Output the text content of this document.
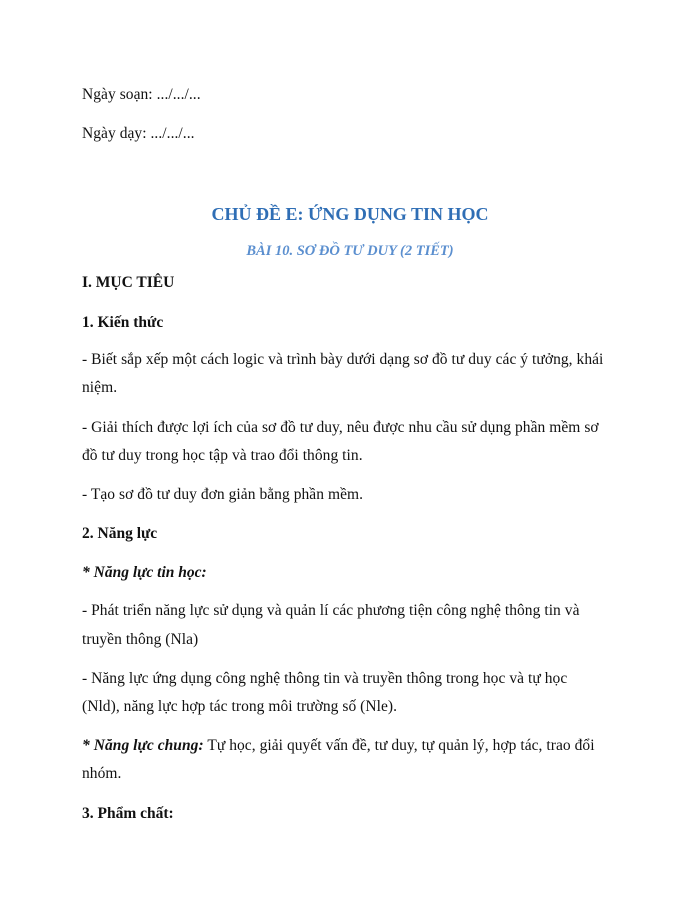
Ngày soạn: .../.../...
Ngày dạy: .../.../...
CHỦ ĐỀ E: ỨNG DỤNG TIN HỌC
BÀI 10. SƠ ĐỒ TƯ DUY (2 TIẾT)
I. MỤC TIÊU
1. Kiến thức
- Biết sắp xếp một cách logic và trình bày dưới dạng sơ đồ tư duy các ý tưởng, khái
niệm.
- Giải thích được lợi ích của sơ đồ tư duy, nêu được nhu cầu sử dụng phần mềm sơ
đồ tư duy trong học tập và trao đổi thông tin.
- Tạo sơ đồ tư duy đơn giản bằng phần mềm.
2. Năng lực
* Năng lực tin học:
- Phát triển năng lực sử dụng và quản lí các phương tiện công nghệ thông tin và
truyền thông (Nla)
- Năng lực ứng dụng công nghệ thông tin và truyền thông trong học và tự học
(Nld), năng lực hợp tác trong môi trường số (Nle).
* Năng lực chung: Tự học, giải quyết vấn đề, tư duy, tự quản lý, hợp tác, trao đổi
nhóm.
3. Phẩm chất:
